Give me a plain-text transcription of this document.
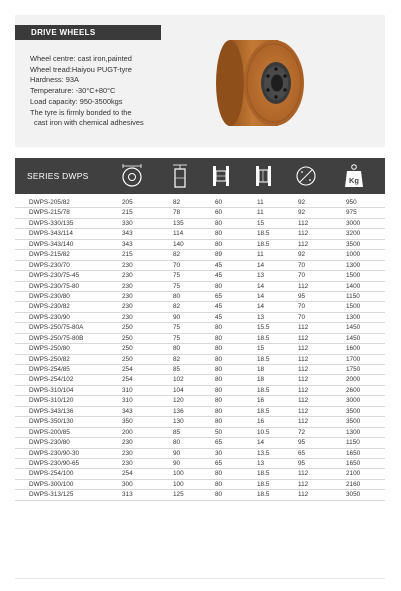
DRIVE WHEELS
Wheel centre: cast iron,painted
Wheel tread:Haiyou PUGT-tyre
Hardness: 93A
Temperature: -30°C+80°C
Load capacity: 950-3500kgs
The tyre is firmly bonded to the
cast iron with chemical adhesives
SERIES DWPS	Kg
DWPS-205/82	205	82	60	11	92	950
DWPS-215/78	215	78	60	11	92	975
DWPS-330/135	330	135	80	15	112	3000
DWPS-343/114	343	114	80	18.5	112	3200
DWPS-343/140	343	140	80	18.5	112	3500
DWPS-215/82	215	82	89	11	92	1000
DWPS-230/70	230	70	45	14	70	1300
DWPS-230/75-45	230	75	45	13	70	1500
DWPS-230/75-80	230	75	80	14	112	1400
DWPS-230/80	230	80	65	14	95	1150
DWPS-230/82	230	82	45	14	70	1500
DWPS-230/90	230	90	45	13	70	1300
DWPS-250/75-80A	250	75	80	15.5	112	1450
DWPS-250/75-80B	250	75	80	18.5	112	1450
DWPS-250/80	250	80	80	15	112	1600
DWPS-250/82	250	82	80	18.5	112	1700
DWPS-254/85	254	85	80	18	112	1750
DWPS-254/102	254	102	80	18	112	2000
DWPS-310/104	310	104	80	18.5	112	2600
DWPS-310/120	310	120	80	16	112	3000
DWPS-343/136	343	136	80	18.5	112	3500
DWPS-350/130	350	130	80	16	112	3500
DWPS-200/85	200	85	50	10.5	72	1300
DWPS-230/80	230	80	65	14	95	1150
DWPS-230/90-30	230	90	30	13.5	65	1650
DWPS-230/90-65	230	90	65	13	95	1650
DWPS-254/100	254	100	80	18.5	112	2100
DWPS-300/100	300	100	80	18.5	112	2160
DWPS-313/125	313	125	80	18.5	112	3050
